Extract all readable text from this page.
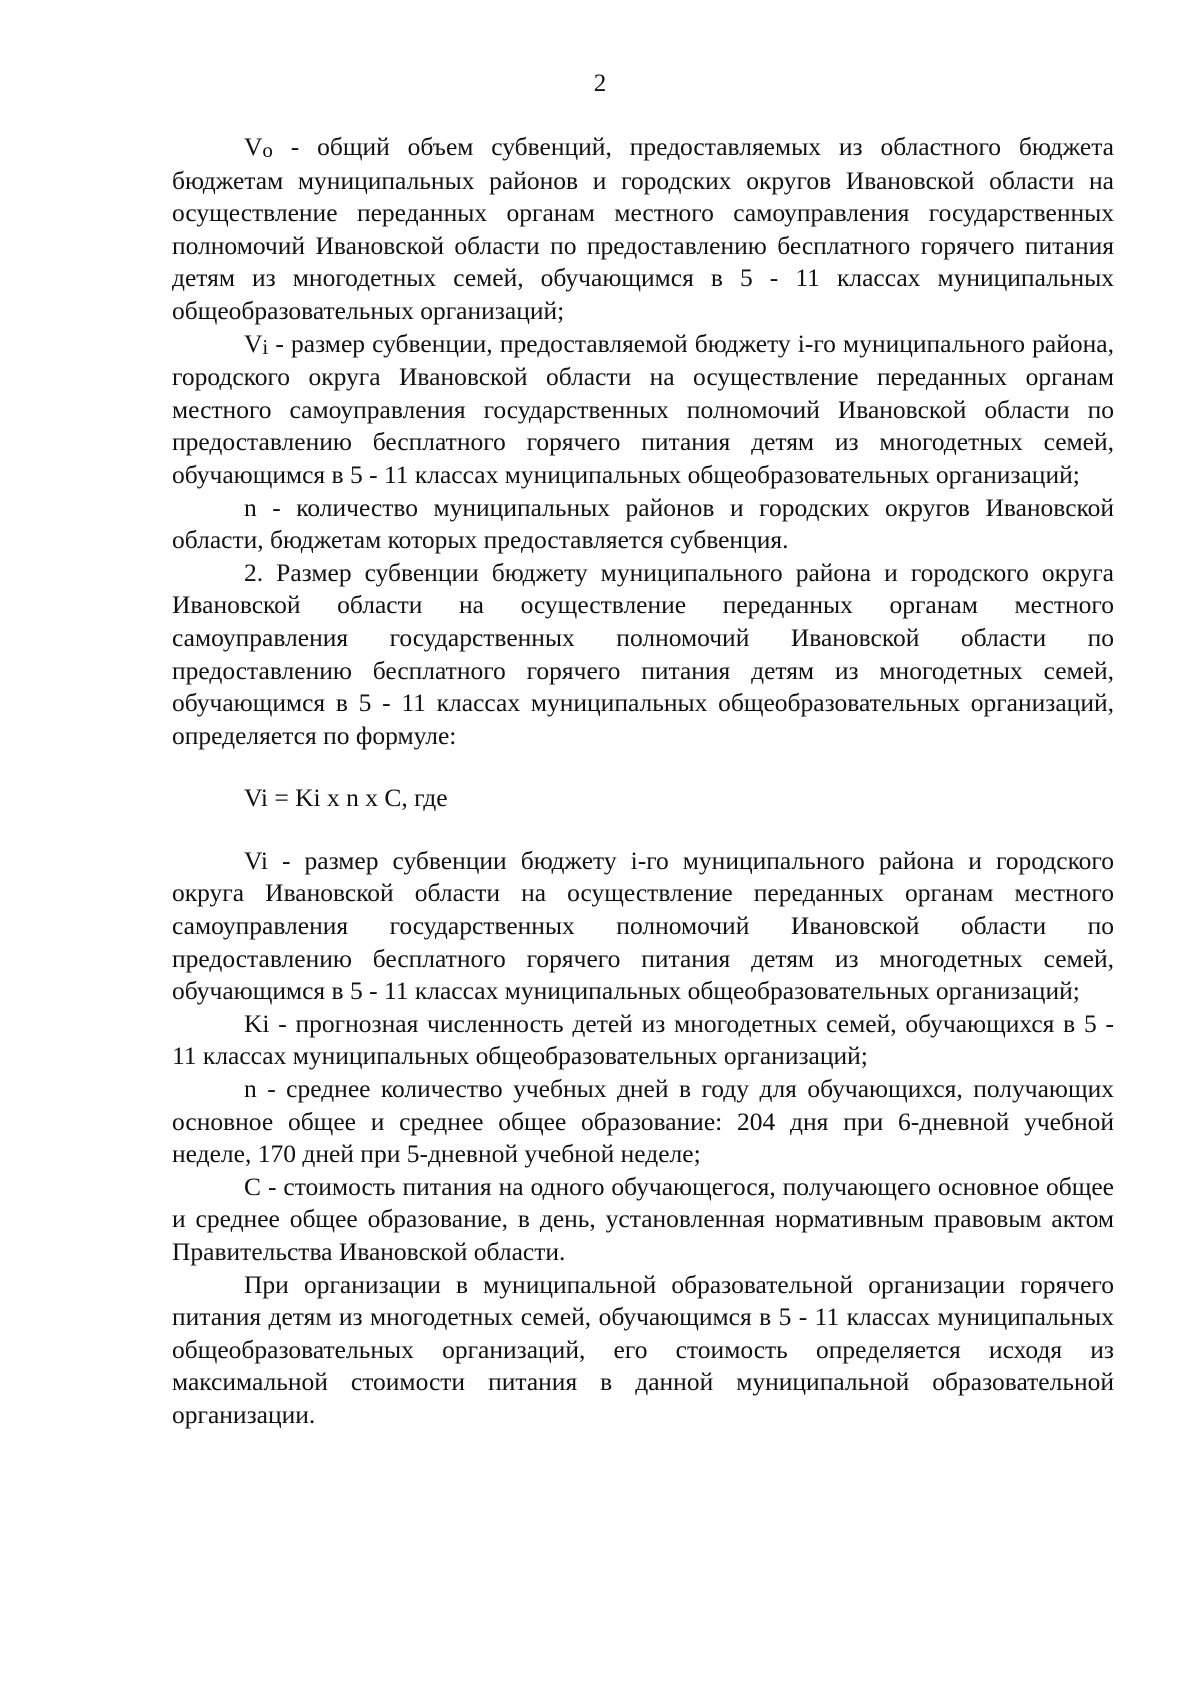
2

$V_o$ - общий объем субвенций, предоставляемых из областного бюджета бюджетам муниципальных районов и городских округов Ивановской области на осуществление переданных органам местного самоуправления государственных полномочий Ивановской области по предоставлению бесплатного горячего питания детям из многодетных семей, обучающимся в 5 - 11 классах муниципальных общеобразовательных организаций;

$V_i$ - размер субвенции, предоставляемой бюджету i-го муниципального района, городского округа Ивановской области на осуществление переданных органам местного самоуправления государственных полномочий Ивановской области по предоставлению бесплатного горячего питания детям из многодетных семей, обучающимся в 5 - 11 классах муниципальных общеобразовательных организаций;

n - количество муниципальных районов и городских округов Ивановской области, бюджетам которых предоставляется субвенция.

2. Размер субвенции бюджету муниципального района и городского округа Ивановской области на осуществление переданных органам местного самоуправления государственных полномочий Ивановской области по предоставлению бесплатного горячего питания детям из многодетных семей, обучающимся в 5 - 11 классах муниципальных общеобразовательных организаций, определяется по формуле:

Vi = Ki x n x C, где

Vi - размер субвенции бюджету i-го муниципального района и городского округа Ивановской области на осуществление переданных органам местного самоуправления государственных полномочий Ивановской области по предоставлению бесплатного горячего питания детям из многодетных семей, обучающимся в 5 - 11 классах муниципальных общеобразовательных организаций;

Ki - прогнозная численность детей из многодетных семей, обучающихся в 5 - 11 классах муниципальных общеобразовательных организаций;

n - среднее количество учебных дней в году для обучающихся, получающих основное общее и среднее общее образование: 204 дня при 6-дневной учебной неделе, 170 дней при 5-дневной учебной неделе;

C - стоимость питания на одного обучающегося, получающего основное общее и среднее общее образование, в день, установленная нормативным правовым актом Правительства Ивановской области.

При организации в муниципальной образовательной организации горячего питания детям из многодетных семей, обучающимся в 5 - 11 классах муниципальных общеобразовательных организаций, его стоимость определяется исходя из максимальной стоимости питания в данной муниципальной образовательной организации.
